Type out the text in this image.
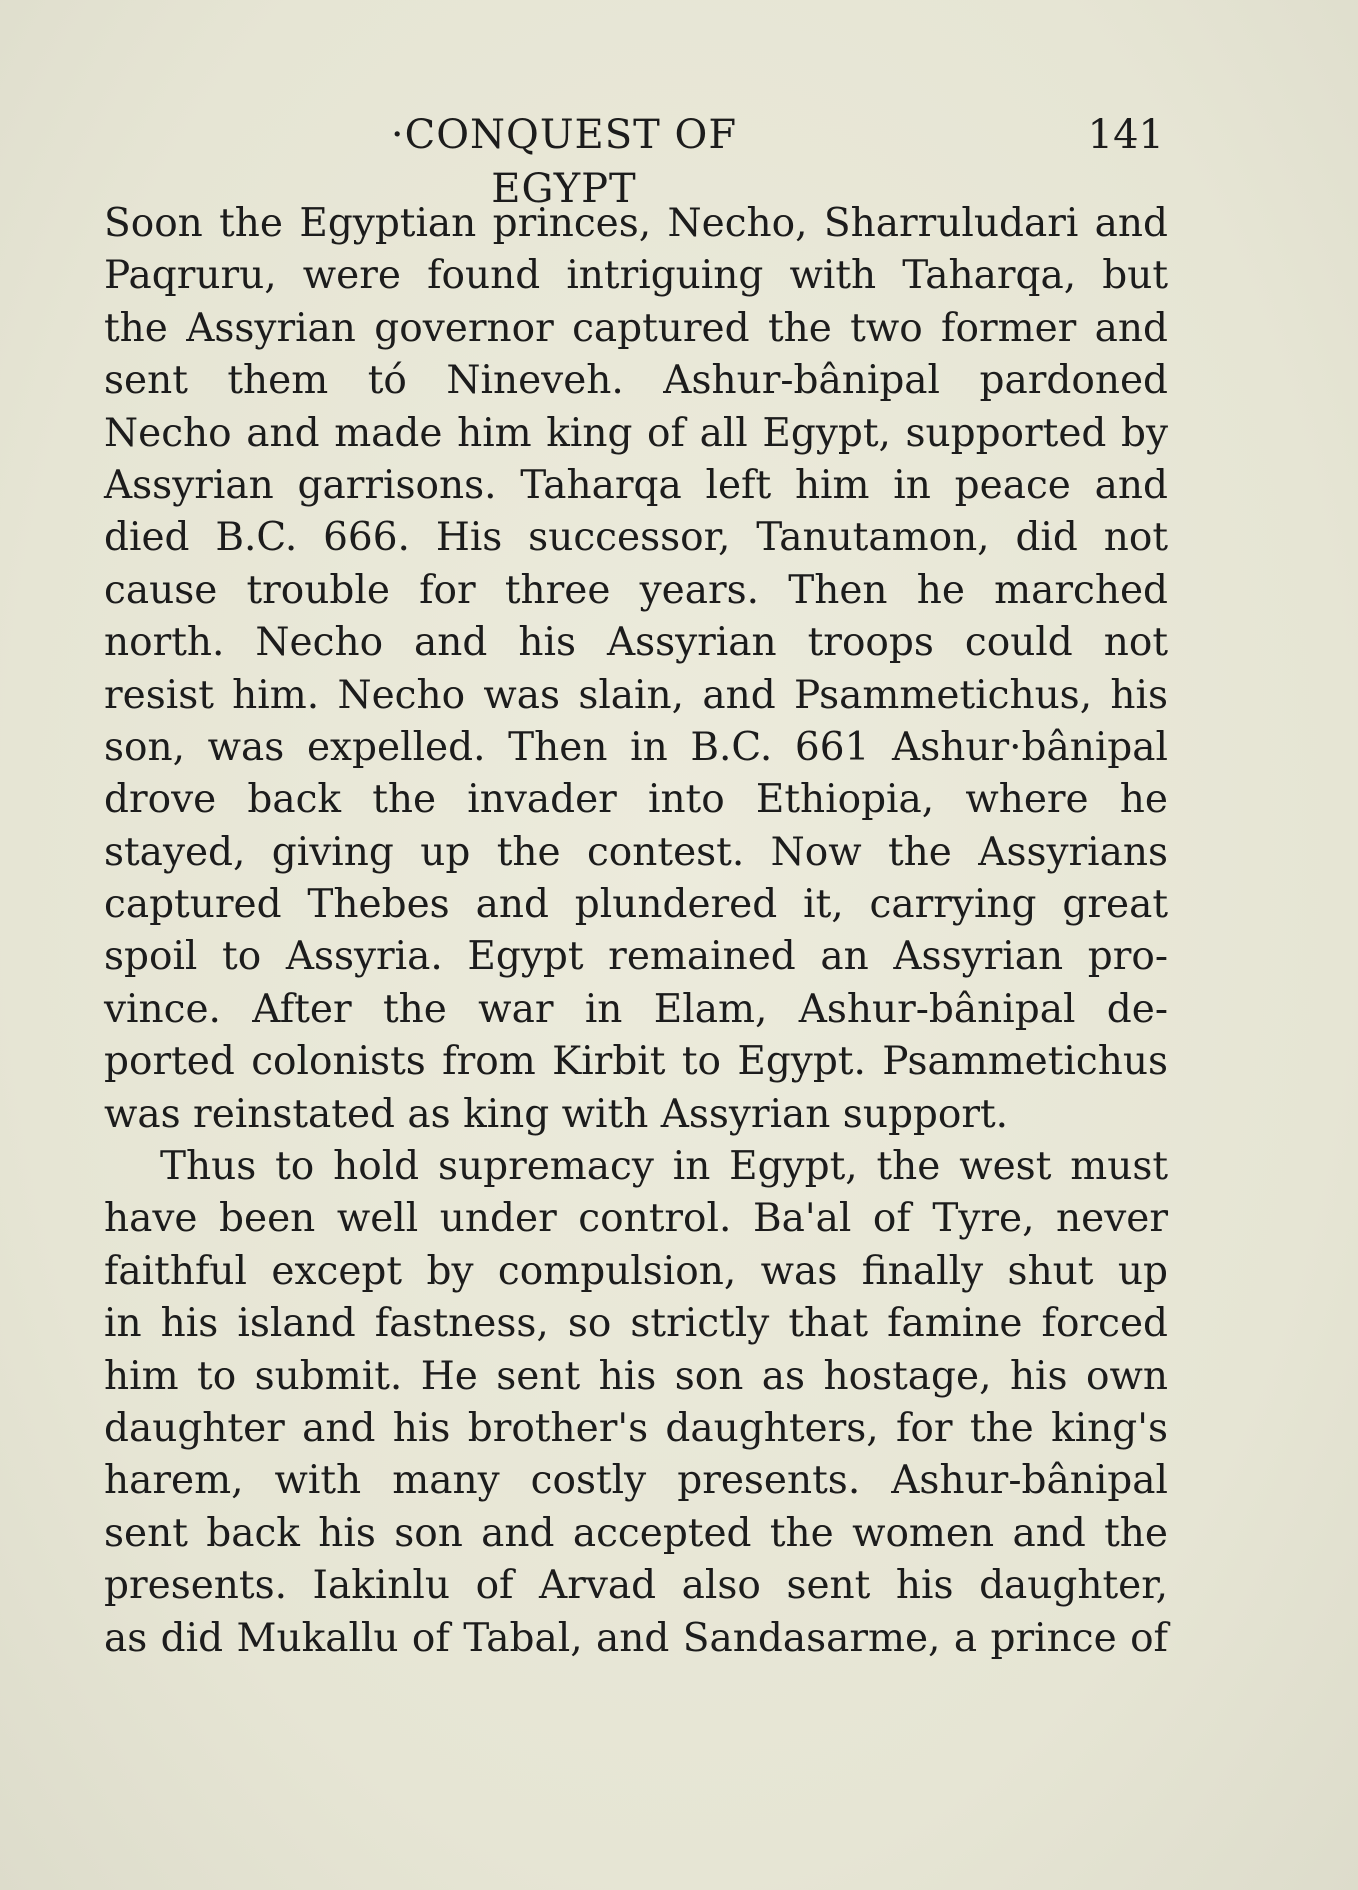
·CONQUEST OF EGYPT
141
Soon the Egyptian princes, Necho, Sharruludari and
Paqruru, were found intriguing with Taharqa, but
the Assyrian governor captured the two former and
sent them tó Nineveh. Ashur-bânipal pardoned
Necho and made him king of all Egypt, supported by
Assyrian garrisons. Taharqa left him in peace and
died B.C. 666. His successor, Tanutamon, did not
cause trouble for three years. Then he marched
north. Necho and his Assyrian troops could not
resist him. Necho was slain, and Psammetichus, his
son, was expelled. Then in B.C. 661 Ashur·bânipal
drove back the invader into Ethiopia, where he
stayed, giving up the contest. Now the Assyrians
captured Thebes and plundered it, carrying great
spoil to Assyria. Egypt remained an Assyrian pro-
vince. After the war in Elam, Ashur-bânipal de-
ported colonists from Kirbit to Egypt. Psammetichus
was reinstated as king with Assyrian support.
Thus to hold supremacy in Egypt, the west must
have been well under control. Ba'al of Tyre, never
faithful except by compulsion, was finally shut up
in his island fastness, so strictly that famine forced
him to submit. He sent his son as hostage, his own
daughter and his brother's daughters, for the king's
harem, with many costly presents. Ashur-bânipal
sent back his son and accepted the women and the
presents. Iakinlu of Arvad also sent his daughter,
as did Mukallu of Tabal, and Sandasarme, a prince of
